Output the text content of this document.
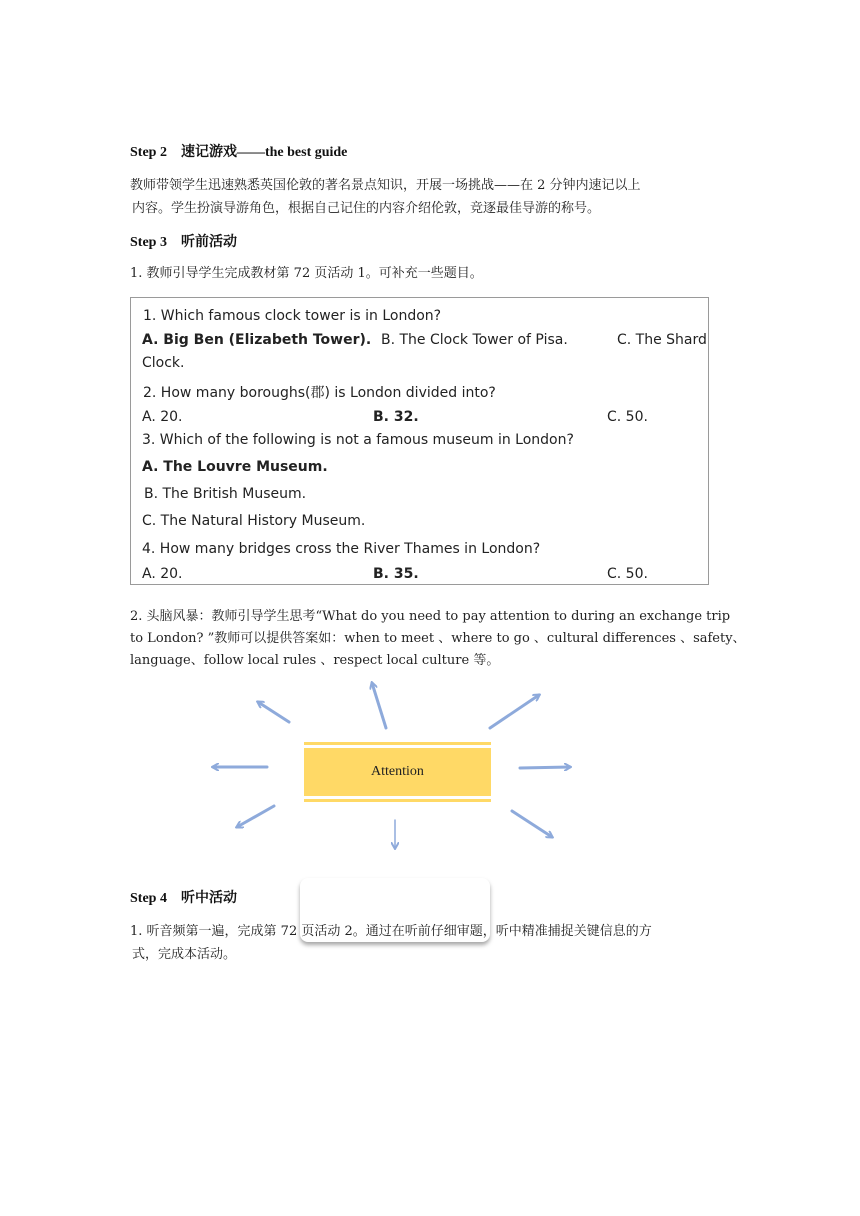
Step 2 速记游戏——the best guide
教师带领学生迅速熟悉英国伦敦的著名景点知识，开展一场挑战——在 2 分钟内速记以上
内容。学生扮演导游角色，根据自己记住的内容介绍伦敦，竞逐最佳导游的称号。
Step 3 听前活动
1. 教师引导学生完成教材第 72 页活动 1。可补充一些题目。
1. Which famous clock tower is in London?
A. Big Ben (Elizabeth Tower). B. The Clock Tower of Pisa.	C. The Shard
Clock.
2. How many boroughs(郡) is London divided into?
A. 20.	B. 32.	C. 50.
3. Which of the following is not a famous museum in London?
A. The Louvre Museum.
B. The British Museum.
C. The Natural History Museum.
4. How many bridges cross the River Thames in London?
A. 20.	B. 35.	C. 50.
2. 头脑风暴：教师引导学生思考“What do you need to pay attention to during an exchange trip
to London? ”教师可以提供答案如：when to meet 、where to go 、cultural differences 、safety、
language、follow local rules 、respect local culture 等。
Attention
Step 4 听中活动
1. 听音频第一遍，完成第 72 页活动 2。通过在听前仔细审题，听中精准捕捉关键信息的方
式，完成本活动。
